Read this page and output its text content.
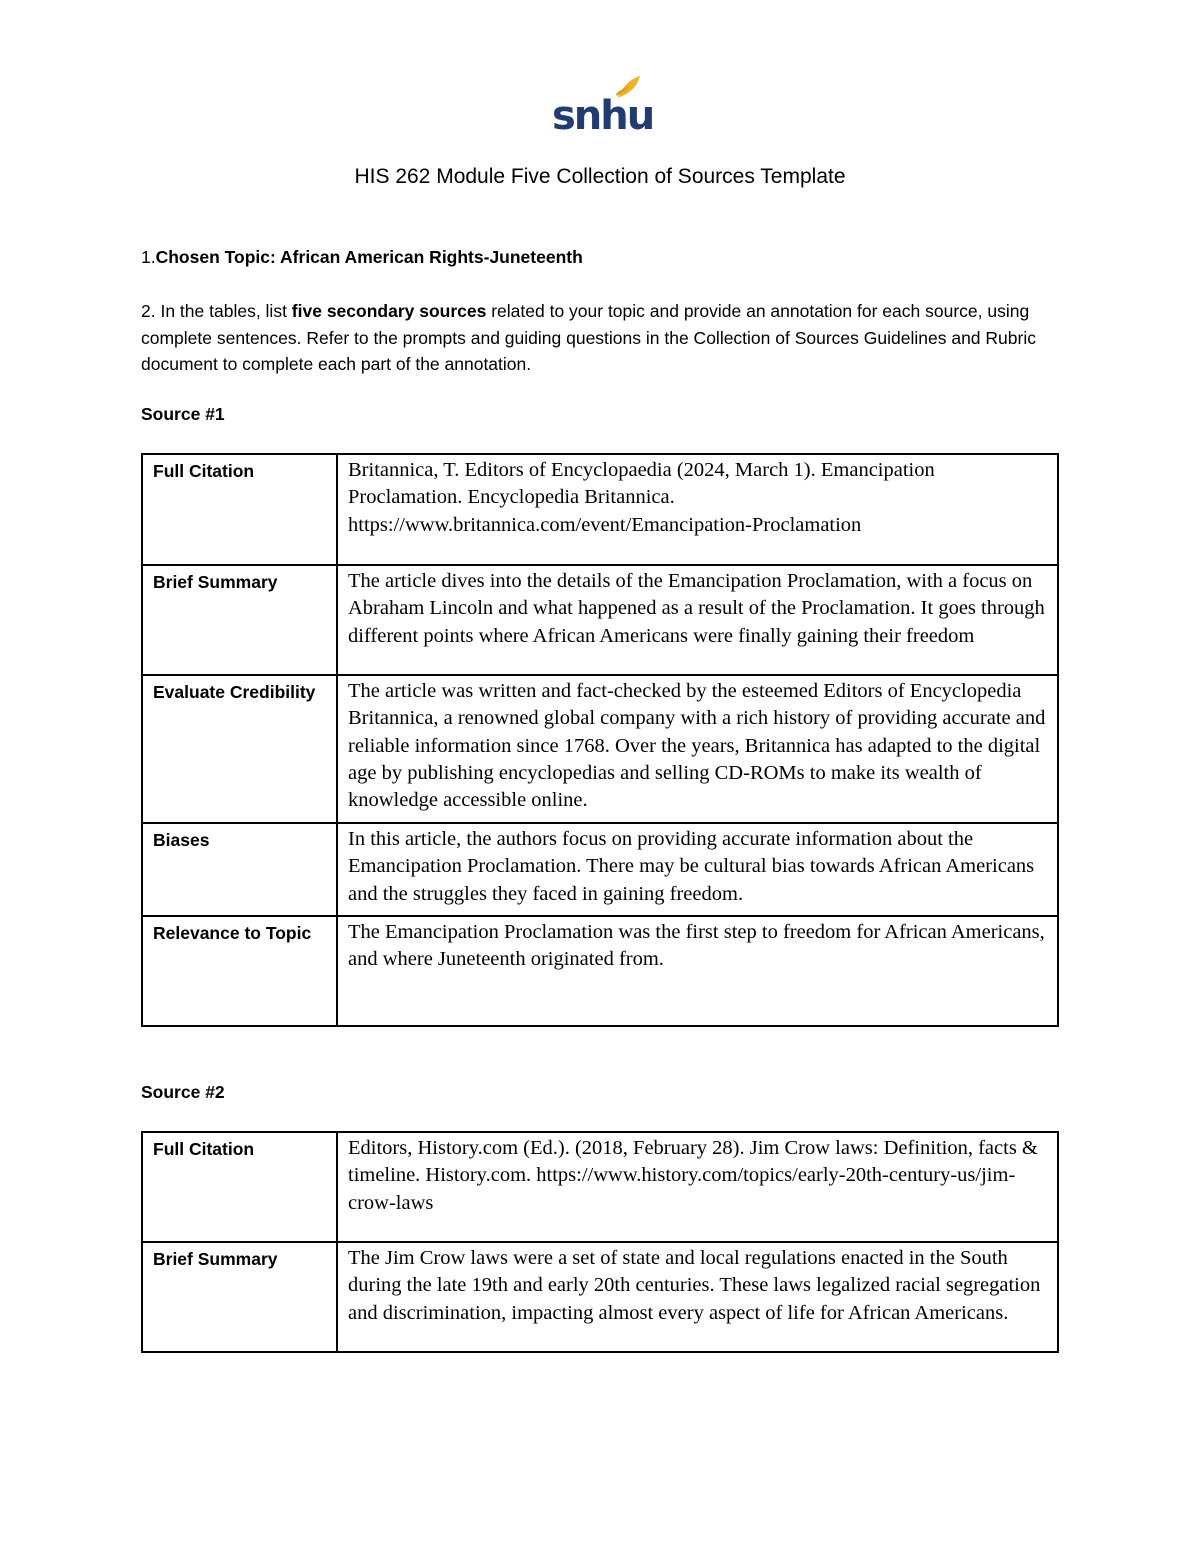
snhu
HIS 262 Module Five Collection of Sources Template
1.Chosen Topic: African American Rights-Juneteenth
2. In the tables, list five secondary sources related to your topic and provide an annotation for each source, using complete sentences. Refer to the prompts and guiding questions in the Collection of Sources Guidelines and Rubric document to complete each part of the annotation.
Source #1
Full Citation	Britannica, T. Editors of Encyclopaedia (2024, March 1). Emancipation Proclamation. Encyclopedia Britannica. https://www.britannica.com/event/Emancipation-Proclamation
Brief Summary	The article dives into the details of the Emancipation Proclamation, with a focus on Abraham Lincoln and what happened as a result of the Proclamation. It goes through different points where African Americans were finally gaining their freedom
Evaluate Credibility	The article was written and fact-checked by the esteemed Editors of Encyclopedia Britannica, a renowned global company with a rich history of providing accurate and reliable information since 1768. Over the years, Britannica has adapted to the digital age by publishing encyclopedias and selling CD-ROMs to make its wealth of knowledge accessible online.
Biases	In this article, the authors focus on providing accurate information about the Emancipation Proclamation. There may be cultural bias towards African Americans and the struggles they faced in gaining freedom.
Relevance to Topic	The Emancipation Proclamation was the first step to freedom for African Americans, and where Juneteenth originated from.
Source #2
Full Citation	Editors, History.com (Ed.). (2018, February 28). Jim Crow laws: Definition, facts & timeline. History.com. https://www.history.com/topics/early-20th-century-us/jim-crow-laws
Brief Summary	The Jim Crow laws were a set of state and local regulations enacted in the South during the late 19th and early 20th centuries. These laws legalized racial segregation and discrimination, impacting almost every aspect of life for African Americans.
